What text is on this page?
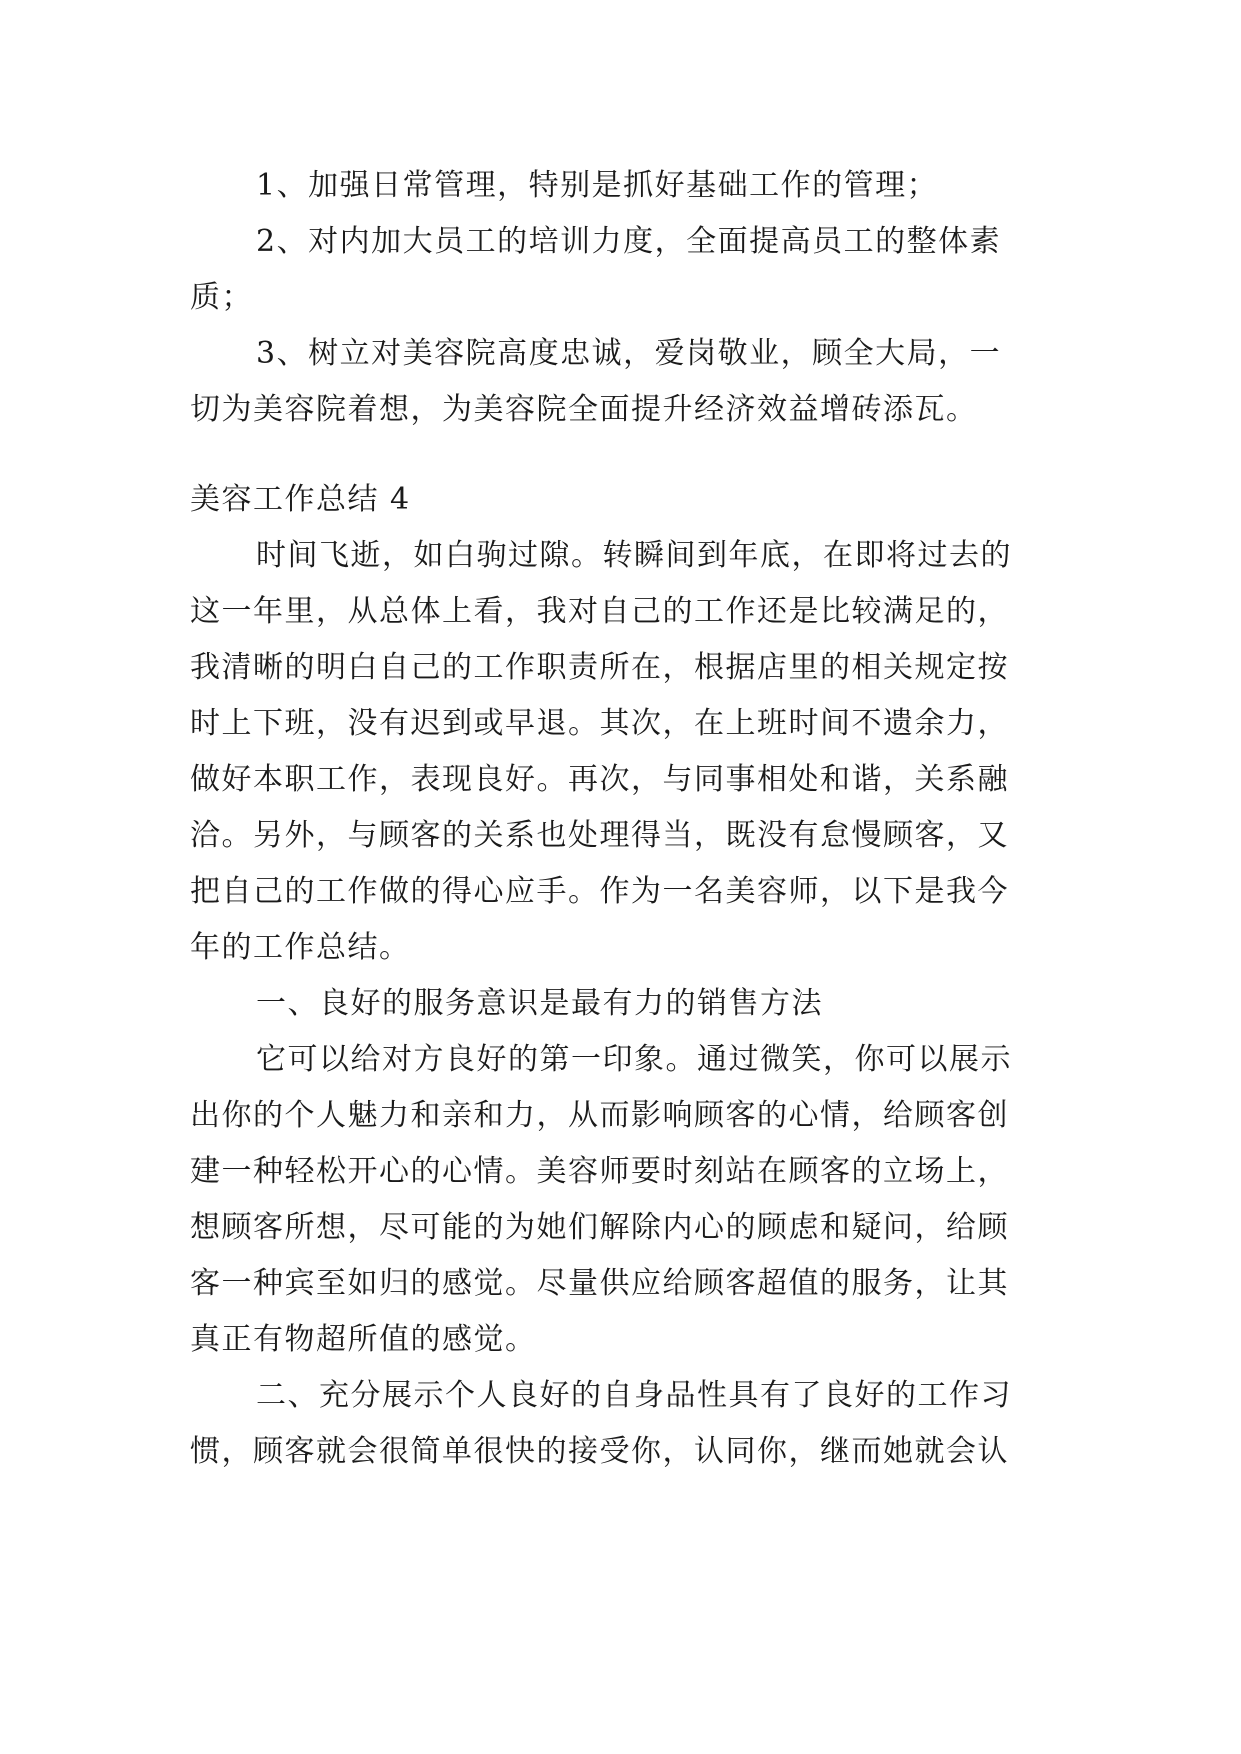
1、加强日常管理，特别是抓好基础工作的管理；
2、对内加大员工的培训力度，全面提高员工的整体素
质；
3、树立对美容院高度忠诚，爱岗敬业，顾全大局，一
切为美容院着想，为美容院全面提升经济效益增砖添瓦。
美容工作总结 4
时间飞逝，如白驹过隙。转瞬间到年底，在即将过去的
这一年里，从总体上看，我对自己的工作还是比较满足的，
我清晰的明白自己的工作职责所在，根据店里的相关规定按
时上下班，没有迟到或早退。其次，在上班时间不遗余力，
做好本职工作，表现良好。再次，与同事相处和谐，关系融
洽。另外，与顾客的关系也处理得当，既没有怠慢顾客，又
把自己的工作做的得心应手。作为一名美容师，以下是我今
年的工作总结。
一、良好的服务意识是最有力的销售方法
它可以给对方良好的第一印象。通过微笑，你可以展示
出你的个人魅力和亲和力，从而影响顾客的心情，给顾客创
建一种轻松开心的心情。美容师要时刻站在顾客的立场上，
想顾客所想，尽可能的为她们解除内心的顾虑和疑问，给顾
客一种宾至如归的感觉。尽量供应给顾客超值的服务，让其
真正有物超所值的感觉。
二、充分展示个人良好的自身品性具有了良好的工作习
惯，顾客就会很简单很快的接受你，认同你，继而她就会认
